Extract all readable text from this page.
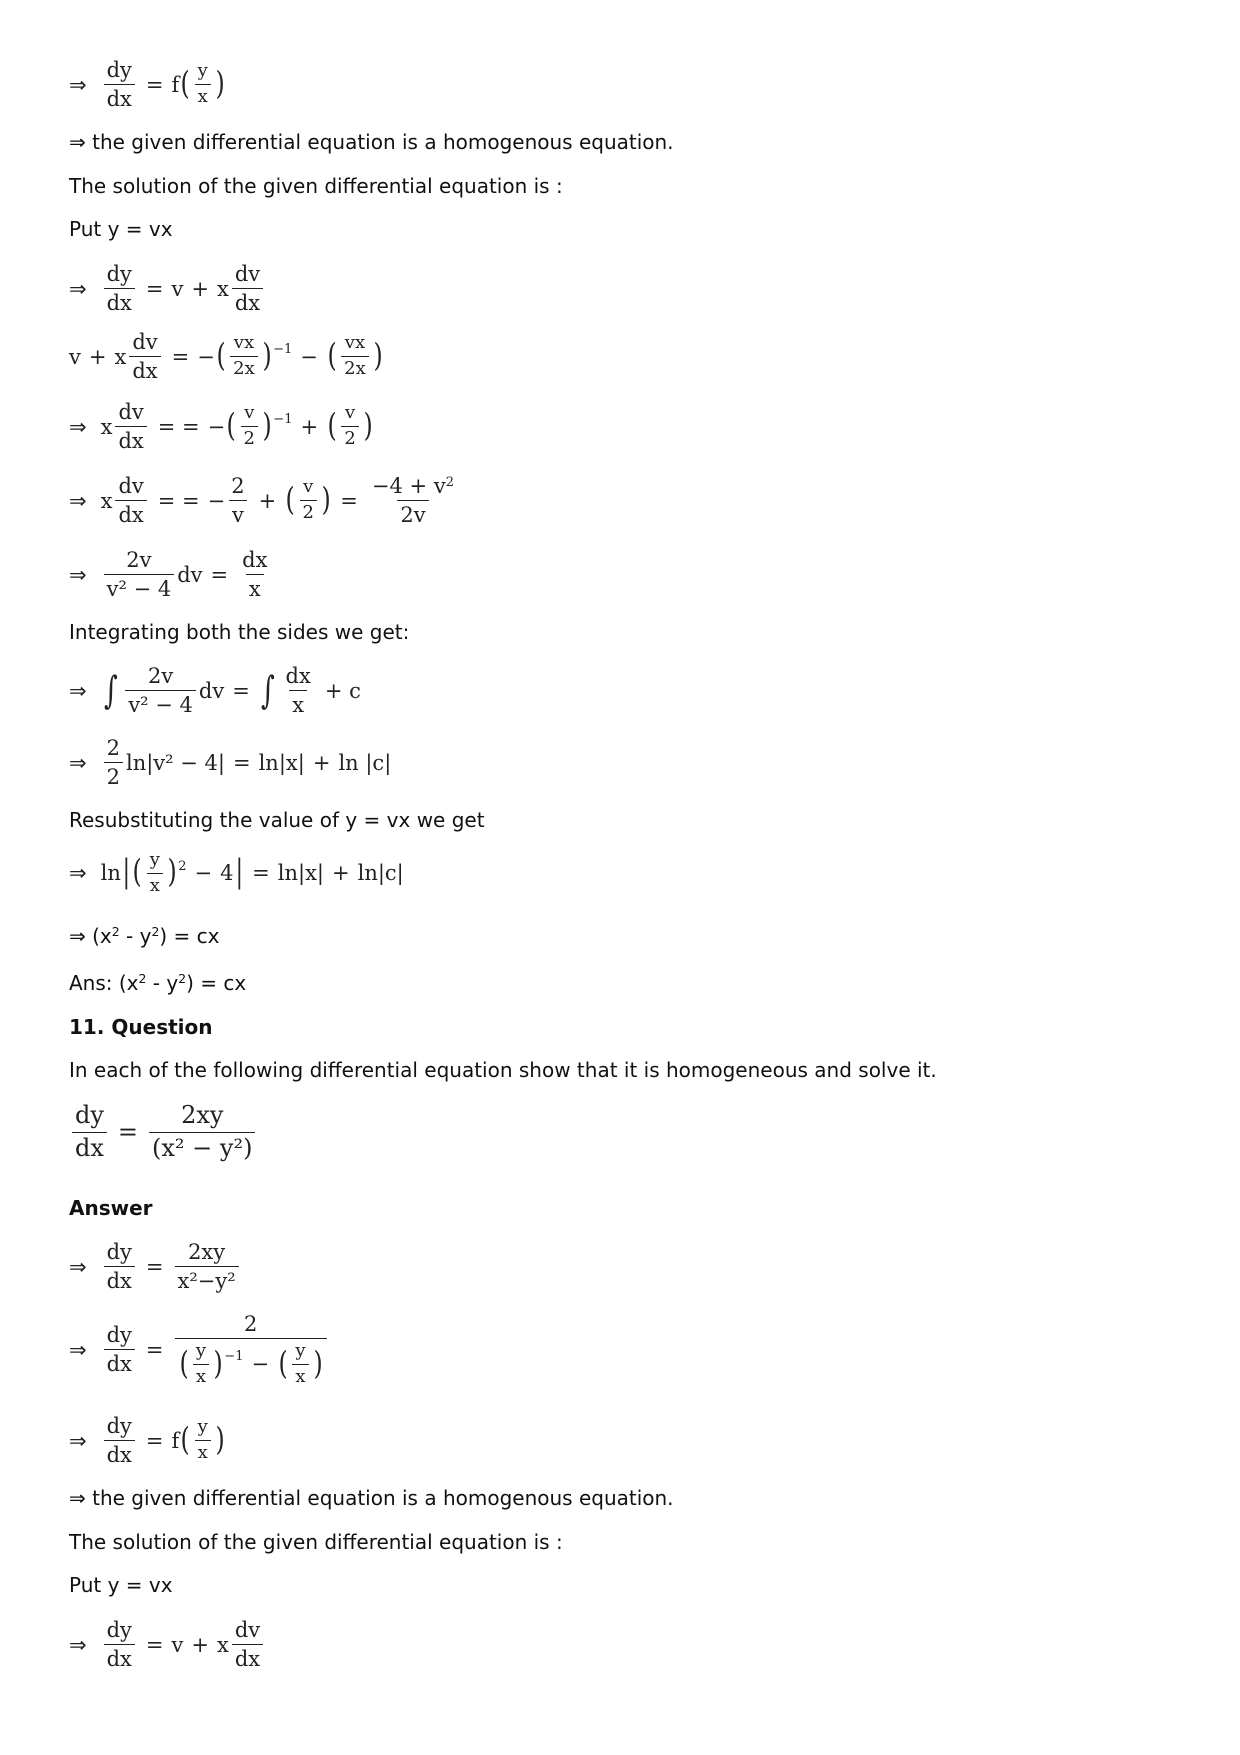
⇒ $\frac{dy}{dx} = f$ ( $\frac{y}{x}$ )
⇒ the given differential equation is a homogenous equation.
The solution of the given differential equation is :
Put y = vx
⇒ $\frac{dy}{dx} = v + x \frac{dv}{dx}$
v + x $\frac{dv}{dx}$ = − ( $\frac{vx}{2x} )^{-1}$ − ( $\frac{vx}{2x}$ )
⇒ x $\frac{dv}{dx}$ = = − ( $\frac{v}{2} )^{-1}$ + ( $\frac{v}{2}$ )
⇒ x $\frac{dv}{dx}$ = = − $\frac{2}{v}$ + ( $\frac{v}{2}$ ) = $\frac{-4 + v^2}{2v}$
⇒ $\frac{2v}{\text{v² − 4}}$ dv = $\frac{dx}{x}$
Integrating both the sides we get:
⇒ ∫ $\frac{2v}{\text{v² − 4}}$ dv = ∫ $\frac{dx}{x} + c$
⇒ $\frac{2}{2} \ln|v^2 - 4| = \ln|x| + \ln |c|$
Resubstituting the value of y = vx we get
⇒ ln | ( $\frac{y}{x} )^2 - 4$ | = ln|x| + ln|c|
⇒ $(x^2 - y^2)$ = cx
Ans: $(x^2 - y^2)$ = cx
11. Question
In each of the following differential equation show that it is homogeneous and solve it.
$\frac{dy}{dx} = \frac{2xy}{\text{(x² − y²)}}$
Answer
⇒ $\frac{dy}{dx} = \frac{2xy}{\text{x²−y²}}$
⇒ $\frac{dy}{dx}$ =
2
( $\frac{y}{x} )^{-1}$ − ( $\frac{y}{x}$ )
⇒ $\frac{dy}{dx} = f$ ( $\frac{y}{x}$ )
⇒ the given differential equation is a homogenous equation.
The solution of the given differential equation is :
Put y = vx
⇒ $\frac{dy}{dx} = v + x \frac{dv}{dx}$
